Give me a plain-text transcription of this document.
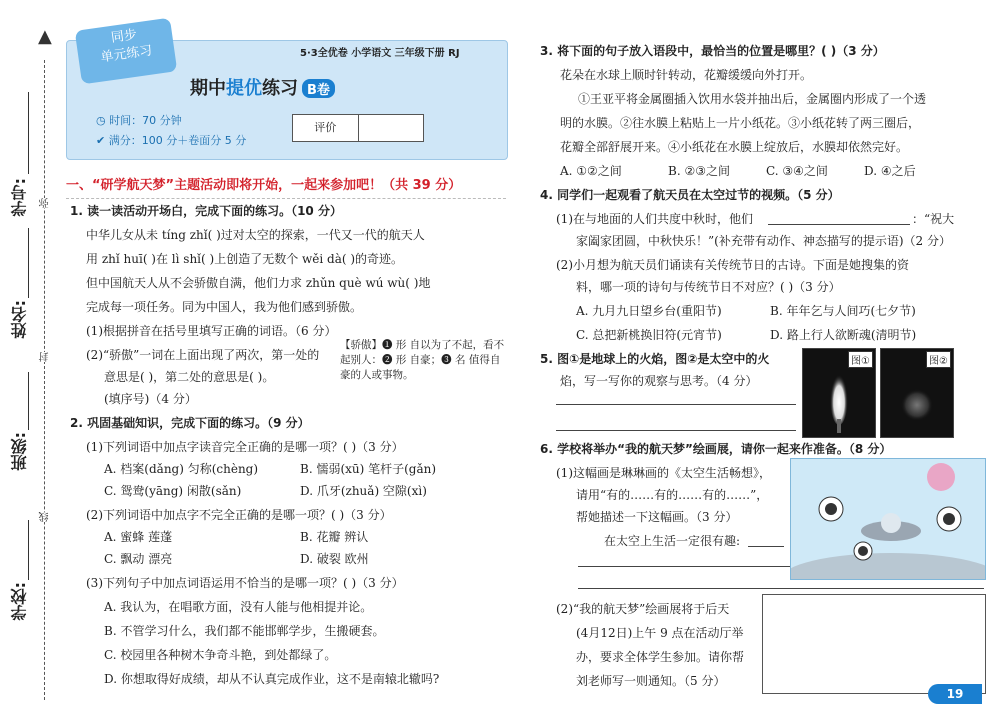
▲
学校:
班级:
姓名:
学号: 弥
封
线
同步
单元练习	5·3全优卷 小学语文 三年级下册 RJ
期中提优练习 B卷
◷ 时间：70 分钟
✔ 满分：100 分＋卷面分 5 分
评价
一、“研学航天梦”主题活动即将开始，一起来参加吧！（共 39 分）
1. 读一读活动开场白，完成下面的练习。（10 分）
中华儿女从未 tíng zhǐ( )过对太空的探索，一代又一代的航天人
用 zhǐ huī( )在 lì shǐ( )上创造了无数个 wěi dà( )的奇迹。
但中国航天人从不会骄傲自满，他们力求 zhǔn què wú wù( )地
完成每一项任务。同为中国人，我为他们感到骄傲。
(1)根据拼音在括号里填写正确的词语。（6 分）
(2)“骄傲”一词在上面出现了两次，第一处的
意思是( )，第二处的意思是( )。
(填序号)（4 分）
【骄傲】❶ 形 自以为了不起，看不起别人：❷ 形 自豪；❸ 名 值得自豪的人或事物。
2. 巩固基础知识，完成下面的练习。（9 分）
(1)下列词语中加点字读音完全正确的是哪一项？( )（3 分）
A. 档案(dǎng) 匀称(chèng)	B. 懦弱(xū) 笔杆子(gǎn)
C. 鸳鸯(yāng) 闲散(sǎn)	D. 爪牙(zhuǎ) 空隙(xì)
(2)下列词语中加点字不完全正确的是哪一项？( )（3 分）
A. 蜜蜂 莲蓬	B. 花瓣 辨认
C. 飘动 漂亮	D. 破裂 欧州
(3)下列句子中加点词语运用不恰当的是哪一项？( )（3 分）
A. 我认为，在唱歌方面，没有人能与他相提并论。
B. 不管学习什么，我们都不能邯郸学步，生搬硬套。
C. 校园里各种树木争奇斗艳，到处都绿了。
D. 你想取得好成绩，却从不认真完成作业，这不是南辕北辙吗?
3. 将下面的句子放入语段中，最恰当的位置是哪里？( )（3 分）
花朵在水球上顺时针转动，花瓣缓缓向外打开。
①王亚平将金属圈插入饮用水袋并抽出后，金属圈内形成了一个透
明的水膜。②往水膜上粘贴上一片小纸花。③小纸花转了两三圈后，
花瓣全部舒展开来。④小纸花在水膜上绽放后，水膜却依然完好。
A. ①②之间	B. ②③之间	C. ③④之间	D. ④之后
4. 同学们一起观看了航天员在太空过节的视频。（5 分）
(1)在与地面的人们共度中秋时，他们	：“祝大
家阖家团圆，中秋快乐！”(补充带有动作、神态描写的提示语)（2 分）
(2)小月想为航天员们诵读有关传统节日的古诗。下面是她搜集的资
料，哪一项的诗句与传统节日不对应？( )（3 分）
A. 九月九日望乡台(重阳节)	B. 年年乞与人间巧(七夕节)
C. 总把新桃换旧符(元宵节)	D. 路上行人欲断魂(清明节)
5. 图①是地球上的火焰，图②是太空中的火
焰，写一写你的观察与思考。（4 分）
图①	图②
6. 学校将举办“我的航天梦”绘画展，请你一起来作准备。（8 分）
(1)这幅画是琳琳画的《太空生活畅想》，
请用“有的……有的……有的……”，
帮她描述一下这幅画。（3 分）
在太空上生活一定很有趣:
(2)“我的航天梦”绘画展将于后天
(4月12日)上午 9 点在活动厅举
办，要求全体学生参加。请你帮
刘老师写一则通知。（5 分）
19
